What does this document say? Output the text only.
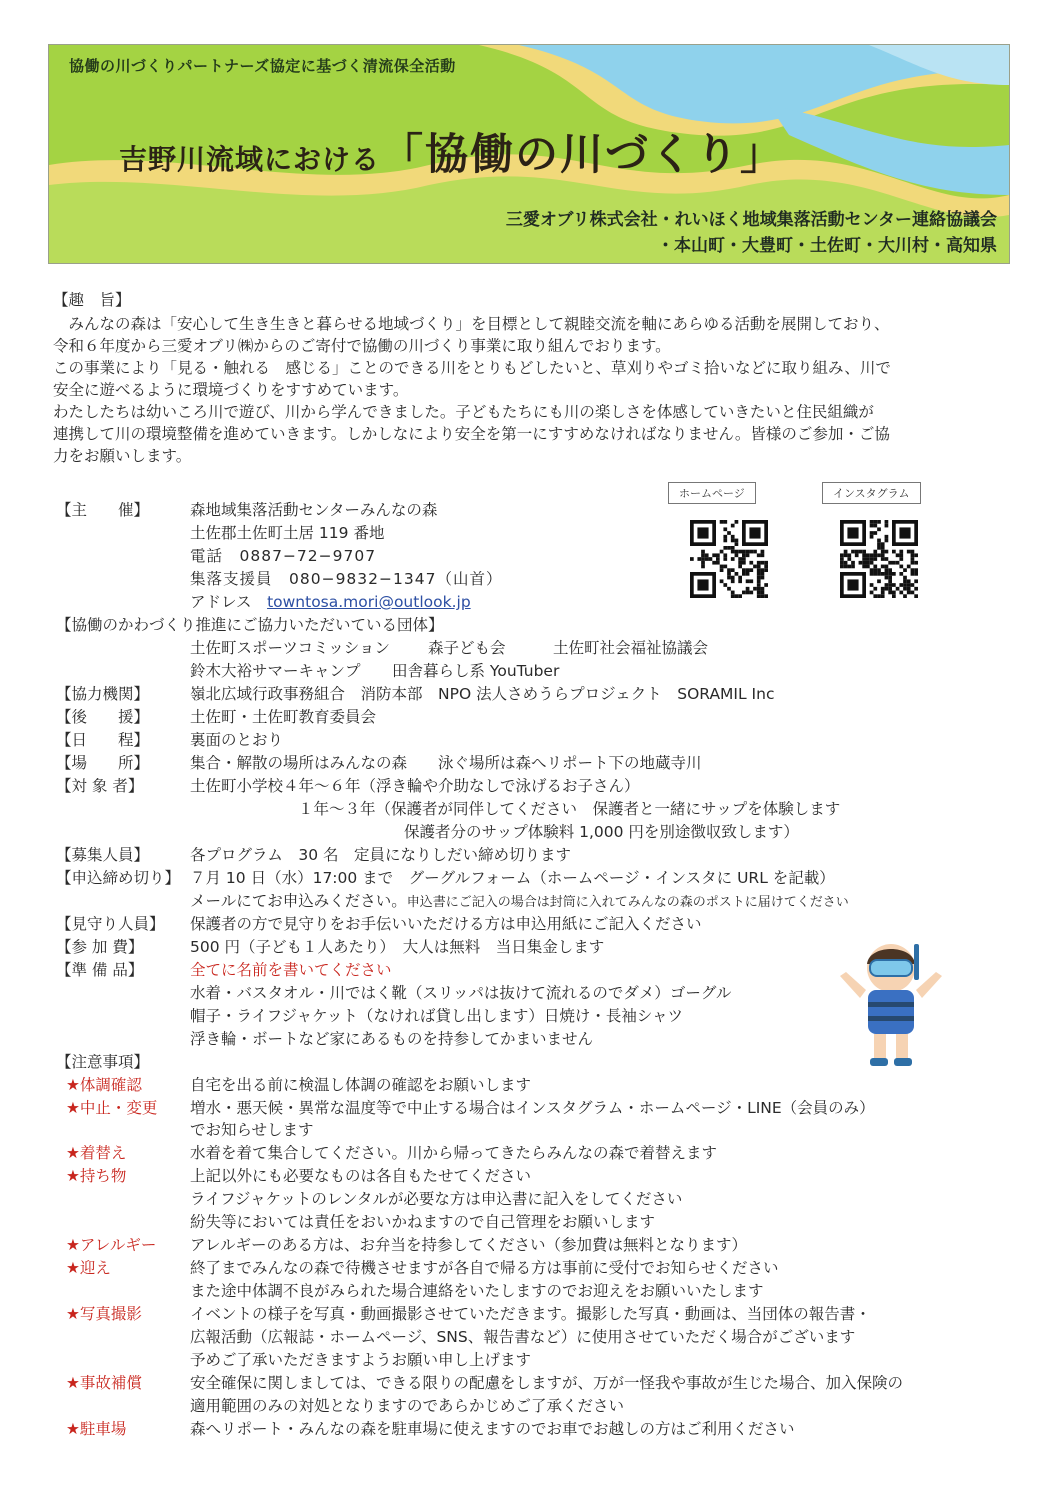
協働の川づくりパートナーズ協定に基づく清流保全活動
吉野川流域における「協働の川づくり」
三愛オブリ株式会社・れいほく地域集落活動センター連絡協議会
・本山町・大豊町・土佐町・大川村・高知県
【趣　旨】
　みんなの森は「安心して生き生きと暮らせる地域づくり」を目標として親睦交流を軸にあらゆる活動を展開しており、
令和６年度から三愛オブリ㈱からのご寄付で協働の川づくり事業に取り組んでおります。
この事業により「見る・触れる　感じる」ことのできる川をとりもどしたいと、草刈りやゴミ拾いなどに取り組み、川で
安全に遊べるように環境づくりをすすめています。
わたしたちは幼いころ川で遊び、川から学んできました。子どもたちにも川の楽しさを体感していきたいと住民組織が
連携して川の環境整備を進めていきます。しかしなにより安全を第一にすすめなければなりません。皆様のご参加・ご協
力をお願いします。
ホームページ	インスタグラム
【主　　催】	森地域集落活動センターみんなの森
土佐郡土佐町土居 119 番地
電話　0887−72−9707
集落支援員　080−9832−1347（山首）
アドレス　 towntosa.mori@outlook.jp
【協働のかわづくり推進にご協力いただいている団体】
土佐町スポーツコミッション 森子ども会	土佐町社会福祉協議会
鈴木大裕サマーキャンプ 田舎暮らし系 YouTuber
【協力機関】	嶺北広域行政事務組合　消防本部　NPO 法人さめうらプロジェクト　SORAMIL Inc
【後　　援】	土佐町・土佐町教育委員会
【日　　程】	裏面のとおり
【場　　所】	集合・解散の場所はみんなの森　　泳ぐ場所は森へリポート下の地蔵寺川
【対 象 者】	土佐町小学校４年〜６年（浮き輪や介助なしで泳げるお子さん）
１年〜３年（保護者が同伴してください　保護者と一緒にサップを体験します
保護者分のサップ体験料 1,000 円を別途徴収致します）
【募集人員】	各プログラム　30 名　定員になりしだい締め切ります
【申込締め切り】 ７月 10 日（水）17:00 まで　グーグルフォーム（ホームページ・インスタに URL を記載）
メールにてお申込みください。申込書にご記入の場合は封筒に入れてみんなの森のポストに届けてください
【見守り人員】 保護者の方で見守りをお手伝いいただける方は申込用紙にご記入ください
【参 加 費】	500 円（子ども１人あたり）　大人は無料　当日集金します
【準 備 品】	全てに名前を書いてください
水着・バスタオル・川ではく靴（スリッパは抜けて流れるのでダメ）ゴーグル
帽子・ライフジャケット（なければ貸し出します）日焼け・長袖シャツ
浮き輪・ボートなど家にあるものを持参してかまいません
【注意事項】
★体調確認	自宅を出る前に検温し体調の確認をお願いします
★中止・変更 増水・悪天候・異常な温度等で中止する場合はインスタグラム・ホームページ・LINE（会員のみ）
でお知らせします
★着替え	水着を着て集合してください。川から帰ってきたらみんなの森で着替えます
★持ち物	上記以外にも必要なものは各自もたせてください
ライフジャケットのレンタルが必要な方は申込書に記入をしてください
紛失等においては責任をおいかねますので自己管理をお願いします
★アレルギー アレルギーのある方は、お弁当を持参してください（参加費は無料となります）
★迎え	終了までみんなの森で待機させますが各自で帰る方は事前に受付でお知らせください
また途中体調不良がみられた場合連絡をいたしますのでお迎えをお願いいたします
★写真撮影	イベントの様子を写真・動画撮影させていただきます。撮影した写真・動画は、当団体の報告書・
広報活動（広報誌・ホームページ、SNS、報告書など）に使用させていただく場合がございます
予めご了承いただきますようお願い申し上げます
★事故補償	安全確保に関しましては、できる限りの配慮をしますが、万が一怪我や事故が生じた場合、加入保険の
適用範囲のみの対処となりますのであらかじめご了承ください
★駐車場	森へリポート・みんなの森を駐車場に使えますのでお車でお越しの方はご利用ください
